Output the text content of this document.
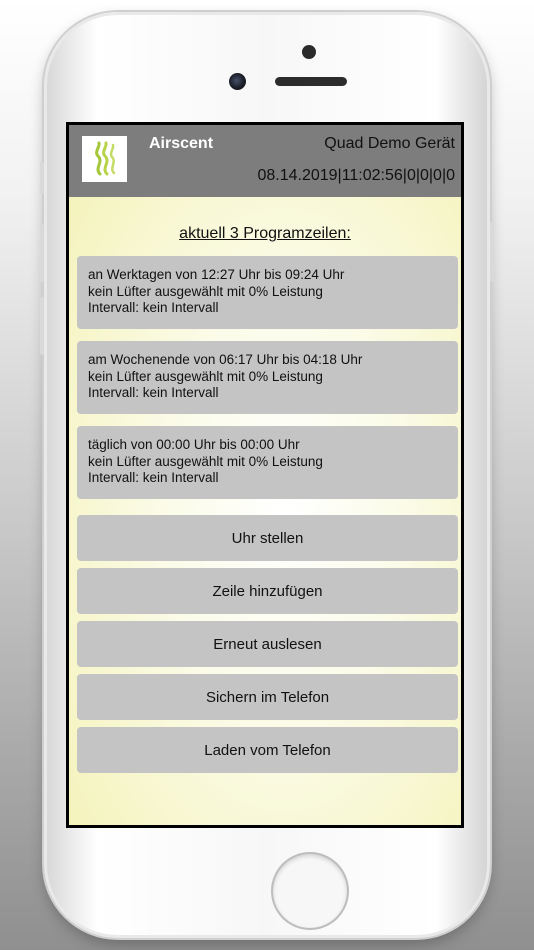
Airscent	Quad Demo Gerät
08.14.2019|11:02:56|0|0|0|0
aktuell 3 Programzeilen:
an Werktagen von 12:27 Uhr bis 09:24 Uhr
kein Lüfter ausgewählt mit 0% Leistung
Intervall: kein Intervall
am Wochenende von 06:17 Uhr bis 04:18 Uhr
kein Lüfter ausgewählt mit 0% Leistung
Intervall: kein Intervall
täglich von 00:00 Uhr bis 00:00 Uhr
kein Lüfter ausgewählt mit 0% Leistung
Intervall: kein Intervall
Uhr stellen
Zeile hinzufügen
Erneut auslesen
Sichern im Telefon
Laden vom Telefon
